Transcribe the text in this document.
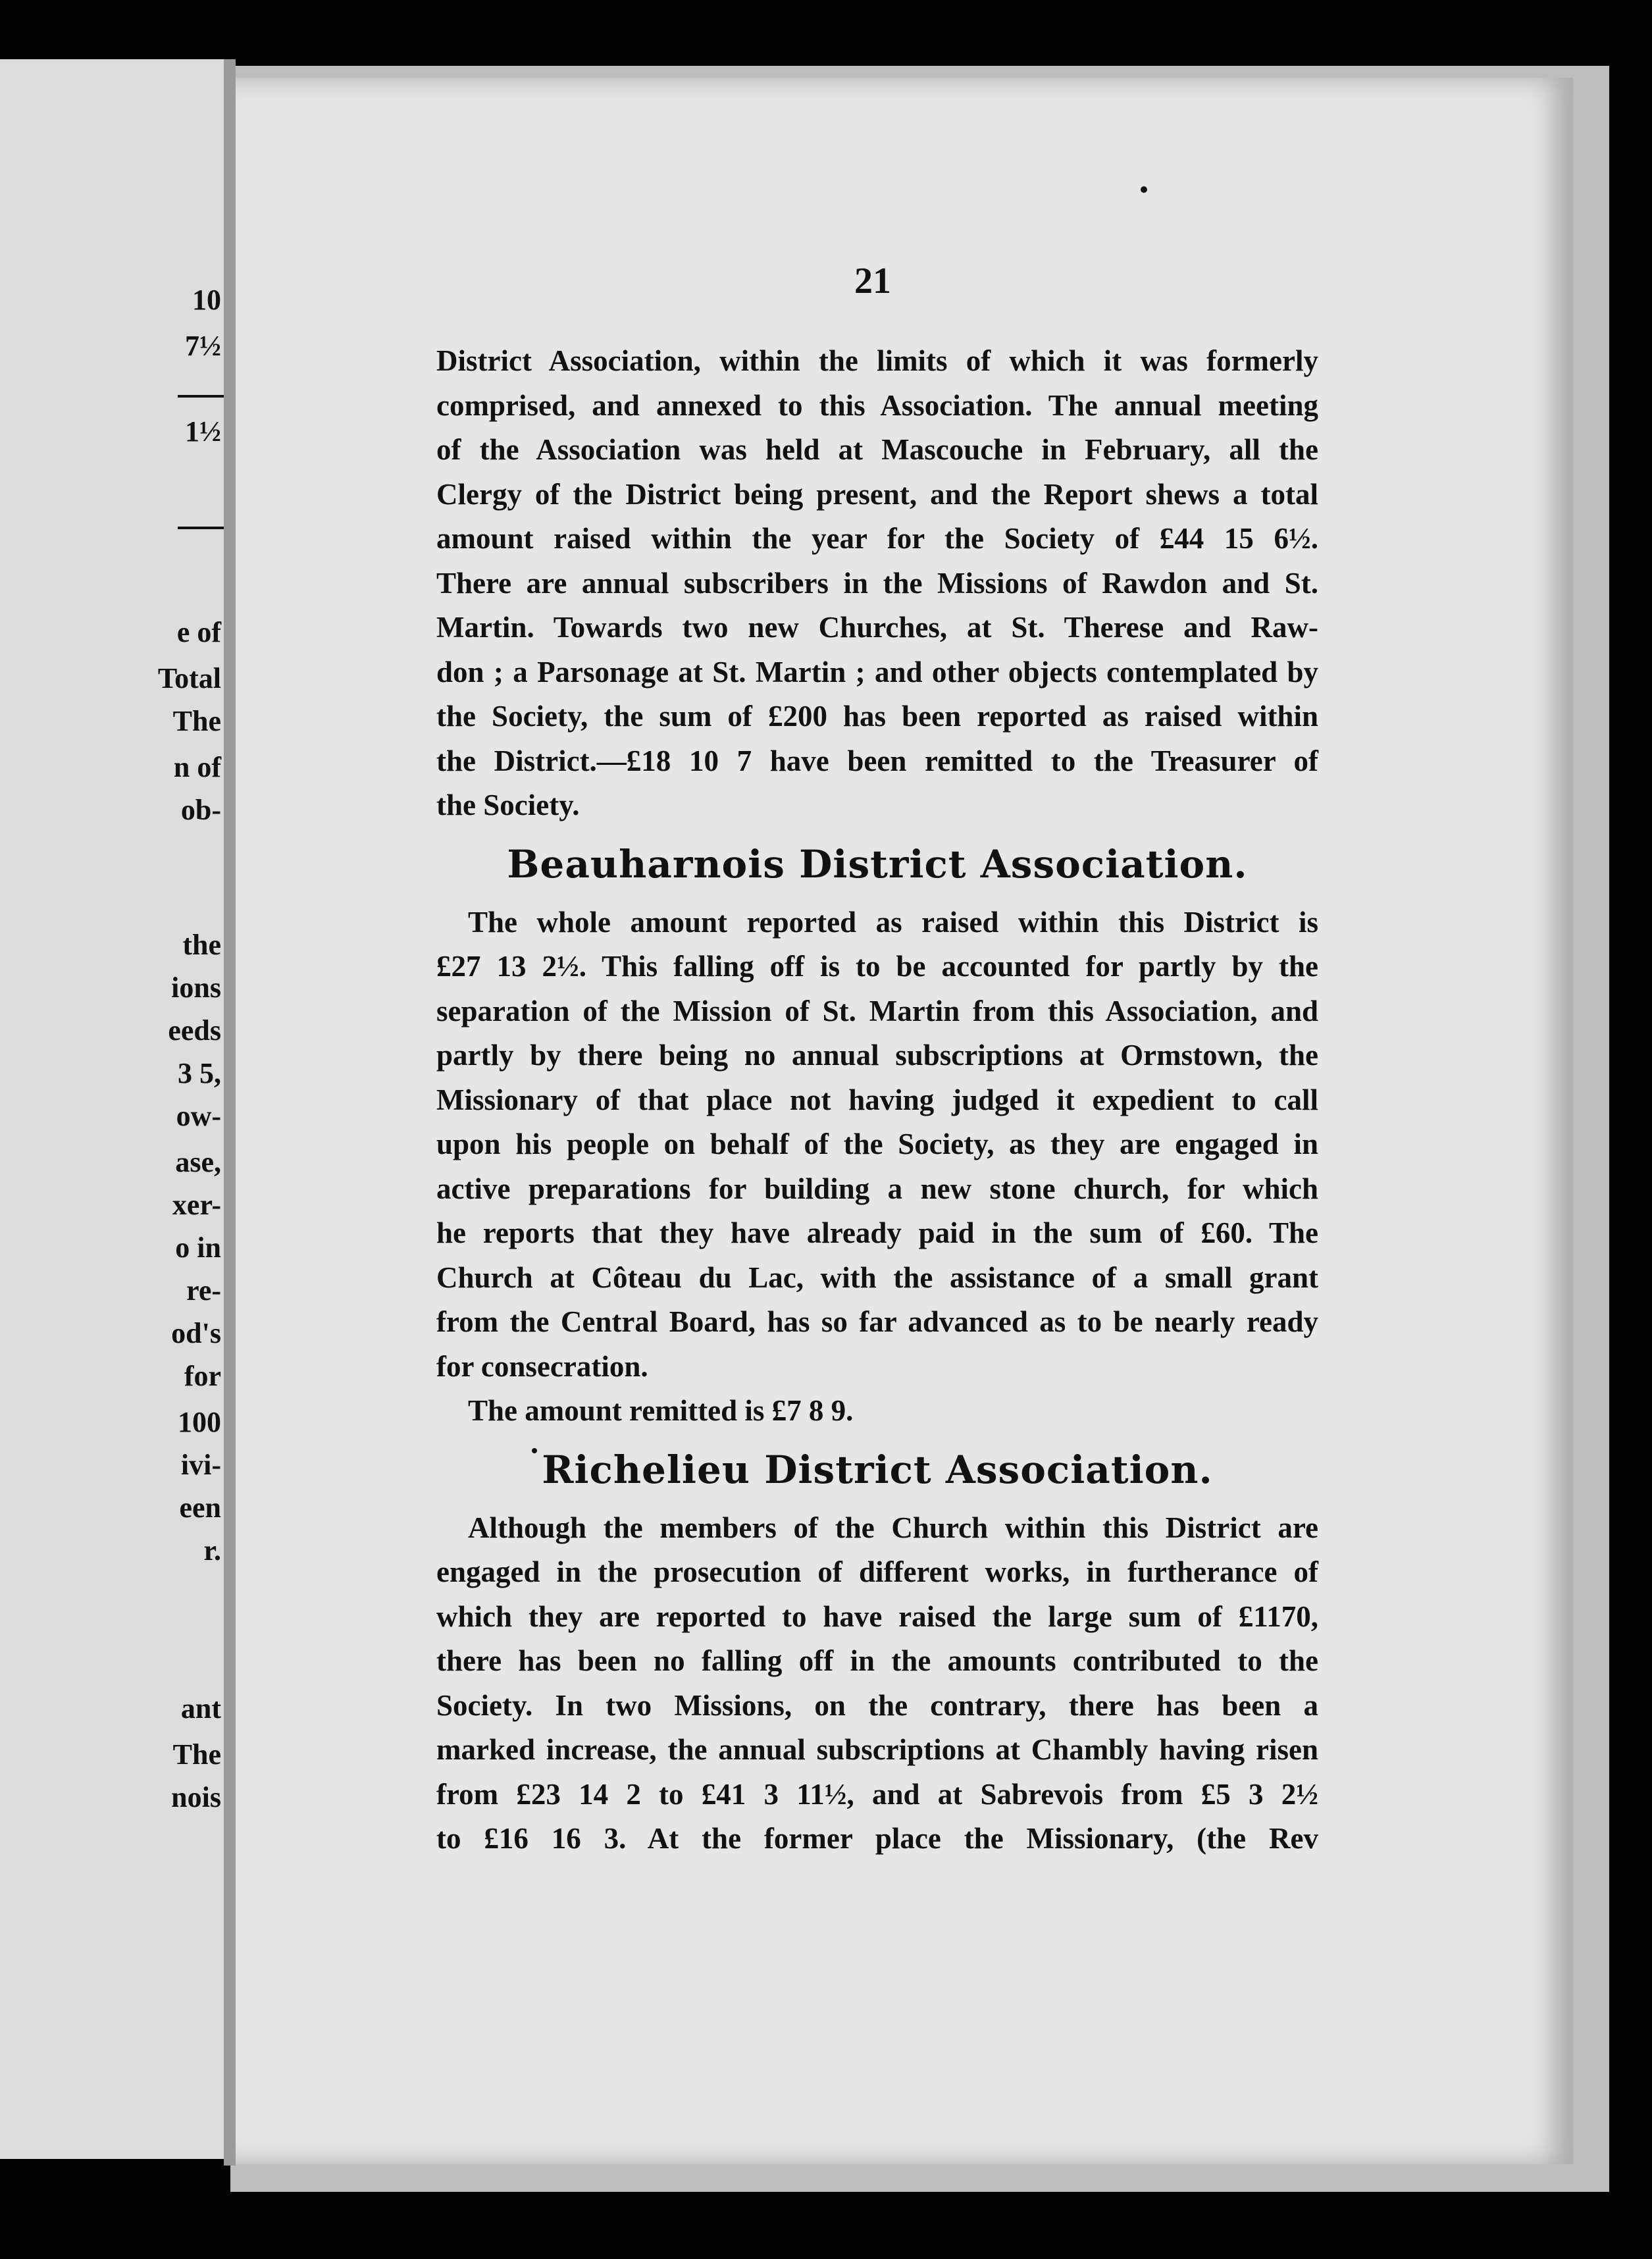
10
7½
1½
e of
Total
The
n of
ob-
the
ions
eeds
3 5,
ow-
ase,
xer-
o in
re-
od's
for
100
ivi-
een
r.
ant
The
nois
21
District Association, within the limits of which it was formerly
comprised, and annexed to this Association. The annual meeting
of the Association was held at Mascouche in February, all the
Clergy of the District being present, and the Report shews a total
amount raised within the year for the Society of £44 15 6½.
There are annual subscribers in the Missions of Rawdon and St.
Martin. Towards two new Churches, at St. Therese and Raw-
don ; a Parsonage at St. Martin ; and other objects contemplated by
the Society, the sum of £200 has been reported as raised within
the District.—£18 10 7 have been remitted to the Treasurer of
the Society.
Beauharnois District Association.
The whole amount reported as raised within this District is
£27 13 2½. This falling off is to be accounted for partly by the
separation of the Mission of St. Martin from this Association, and
partly by there being no annual subscriptions at Ormstown, the
Missionary of that place not having judged it expedient to call
upon his people on behalf of the Society, as they are engaged in
active preparations for building a new stone church, for which
he reports that they have already paid in the sum of £60. The
Church at Côteau du Lac, with the assistance of a small grant
from the Central Board, has so far advanced as to be nearly ready
for consecration.
The amount remitted is £7 8 9.
Richelieu District Association.
Although the members of the Church within this District are
engaged in the prosecution of different works, in furtherance of
which they are reported to have raised the large sum of £1170,
there has been no falling off in the amounts contributed to the
Society. In two Missions, on the contrary, there has been a
marked increase, the annual subscriptions at Chambly having risen
from £23 14 2 to £41 3 11½, and at Sabrevois from £5 3 2½
to £16 16 3. At the former place the Missionary, (the Rev
